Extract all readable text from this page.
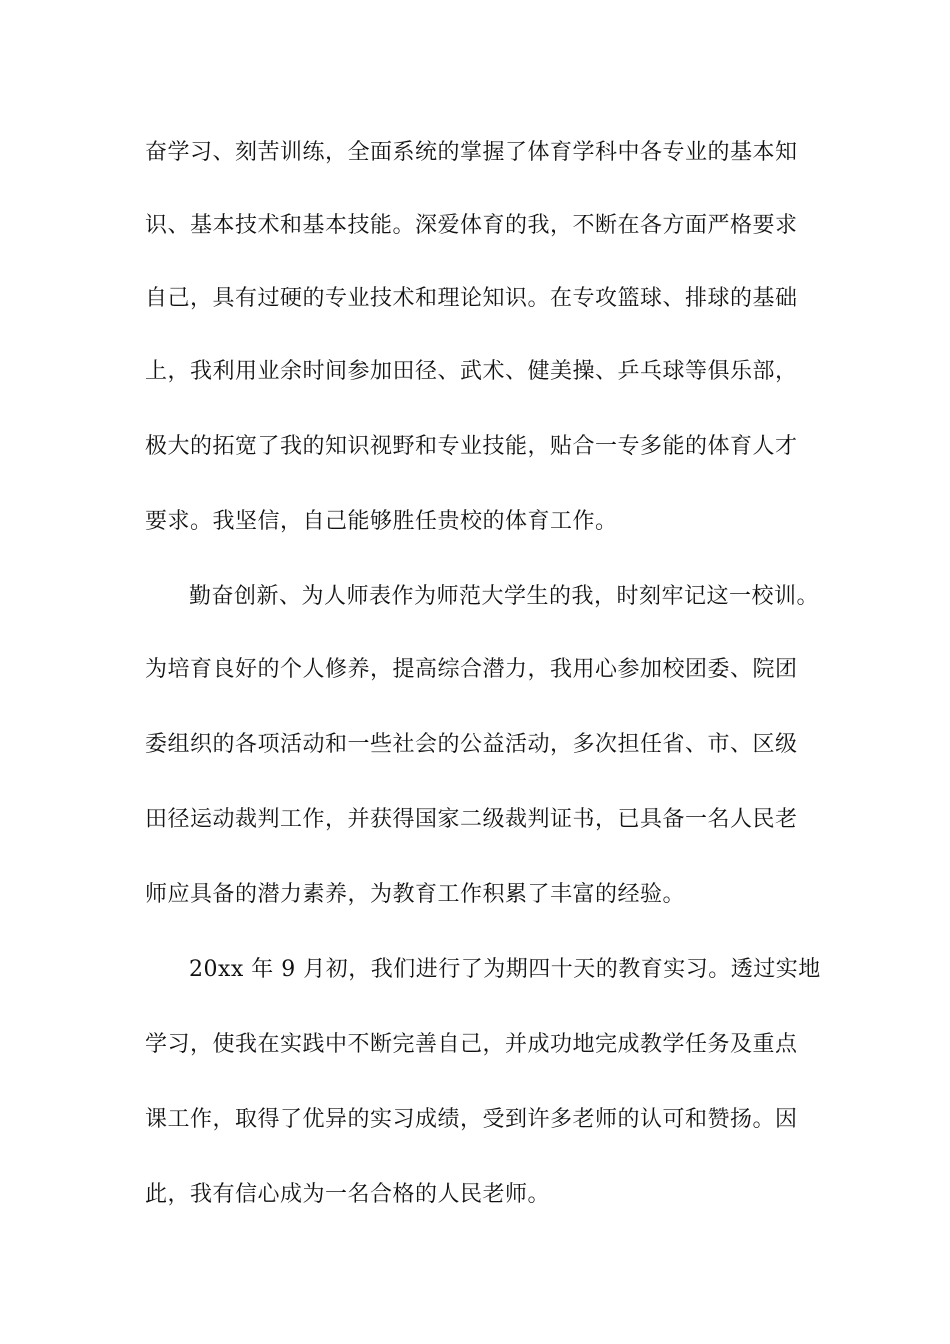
奋学习、刻苦训练，全面系统的掌握了体育学科中各专业的基本知
识、基本技术和基本技能。深爱体育的我，不断在各方面严格要求
自己，具有过硬的专业技术和理论知识。在专攻篮球、排球的基础
上，我利用业余时间参加田径、武术、健美操、乒乓球等俱乐部，
极大的拓宽了我的知识视野和专业技能，贴合一专多能的体育人才
要求。我坚信，自己能够胜任贵校的体育工作。
勤奋创新、为人师表作为师范大学生的我，时刻牢记这一校训。
为培育良好的个人修养，提高综合潜力，我用心参加校团委、院团
委组织的各项活动和一些社会的公益活动，多次担任省、市、区级
田径运动裁判工作，并获得国家二级裁判证书，已具备一名人民老
师应具备的潜力素养，为教育工作积累了丰富的经验。
20xx 年 9 月初，我们进行了为期四十天的教育实习。透过实地
学习，使我在实践中不断完善自己，并成功地完成教学任务及重点
课工作，取得了优异的实习成绩，受到许多老师的认可和赞扬。因
此，我有信心成为一名合格的人民老师。
